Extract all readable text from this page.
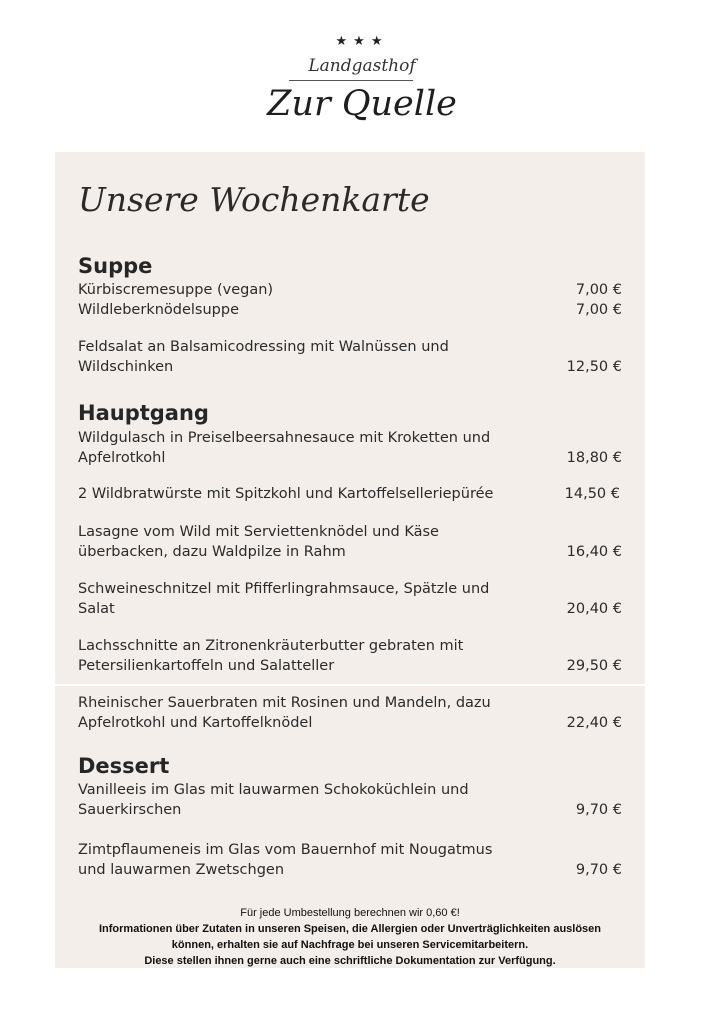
★★★
Landgasthof
Zur Quelle
Unsere Wochenkarte
Suppe
Kürbiscremesuppe (vegan)	7,00 €
Wildleberknödelsuppe	7,00 €
Feldsalat an Balsamicodressing mit Walnüssen und Wildschinken	12,50 €
Hauptgang
Wildgulasch in Preiselbeersahnesauce mit Kroketten und Apfelrotkohl	18,80 €
2 Wildbratwürste mit Spitzkohl und Kartoffelselleriepürée	14,50 €
Lasagne vom Wild mit Serviettenknödel und Käse überbacken, dazu Waldpilze in Rahm	16,40 €
Schweineschnitzel mit Pfifferlingrahmsauce, Spätzle und Salat	20,40 €
Lachsschnitte an Zitronenkräuterbutter gebraten mit Petersilienkartoffeln und Salatteller	29,50 €
Rheinischer Sauerbraten mit Rosinen und Mandeln, dazu Apfelrotkohl und Kartoffelknödel	22,40 €
Dessert
Vanilleeis im Glas mit lauwarmen Schokoküchlein und Sauerkirschen	9,70 €
Zimtpflaumeneis im Glas vom Bauernhof mit Nougatmus und lauwarmen Zwetschgen	9,70 €
Für jede Umbestellung berechnen wir 0,60 €!
Informationen über Zutaten in unseren Speisen, die Allergien oder Unverträglichkeiten auslösen
können, erhalten sie auf Nachfrage bei unseren Servicemitarbeitern.
Diese stellen ihnen gerne auch eine schriftliche Dokumentation zur Verfügung.
